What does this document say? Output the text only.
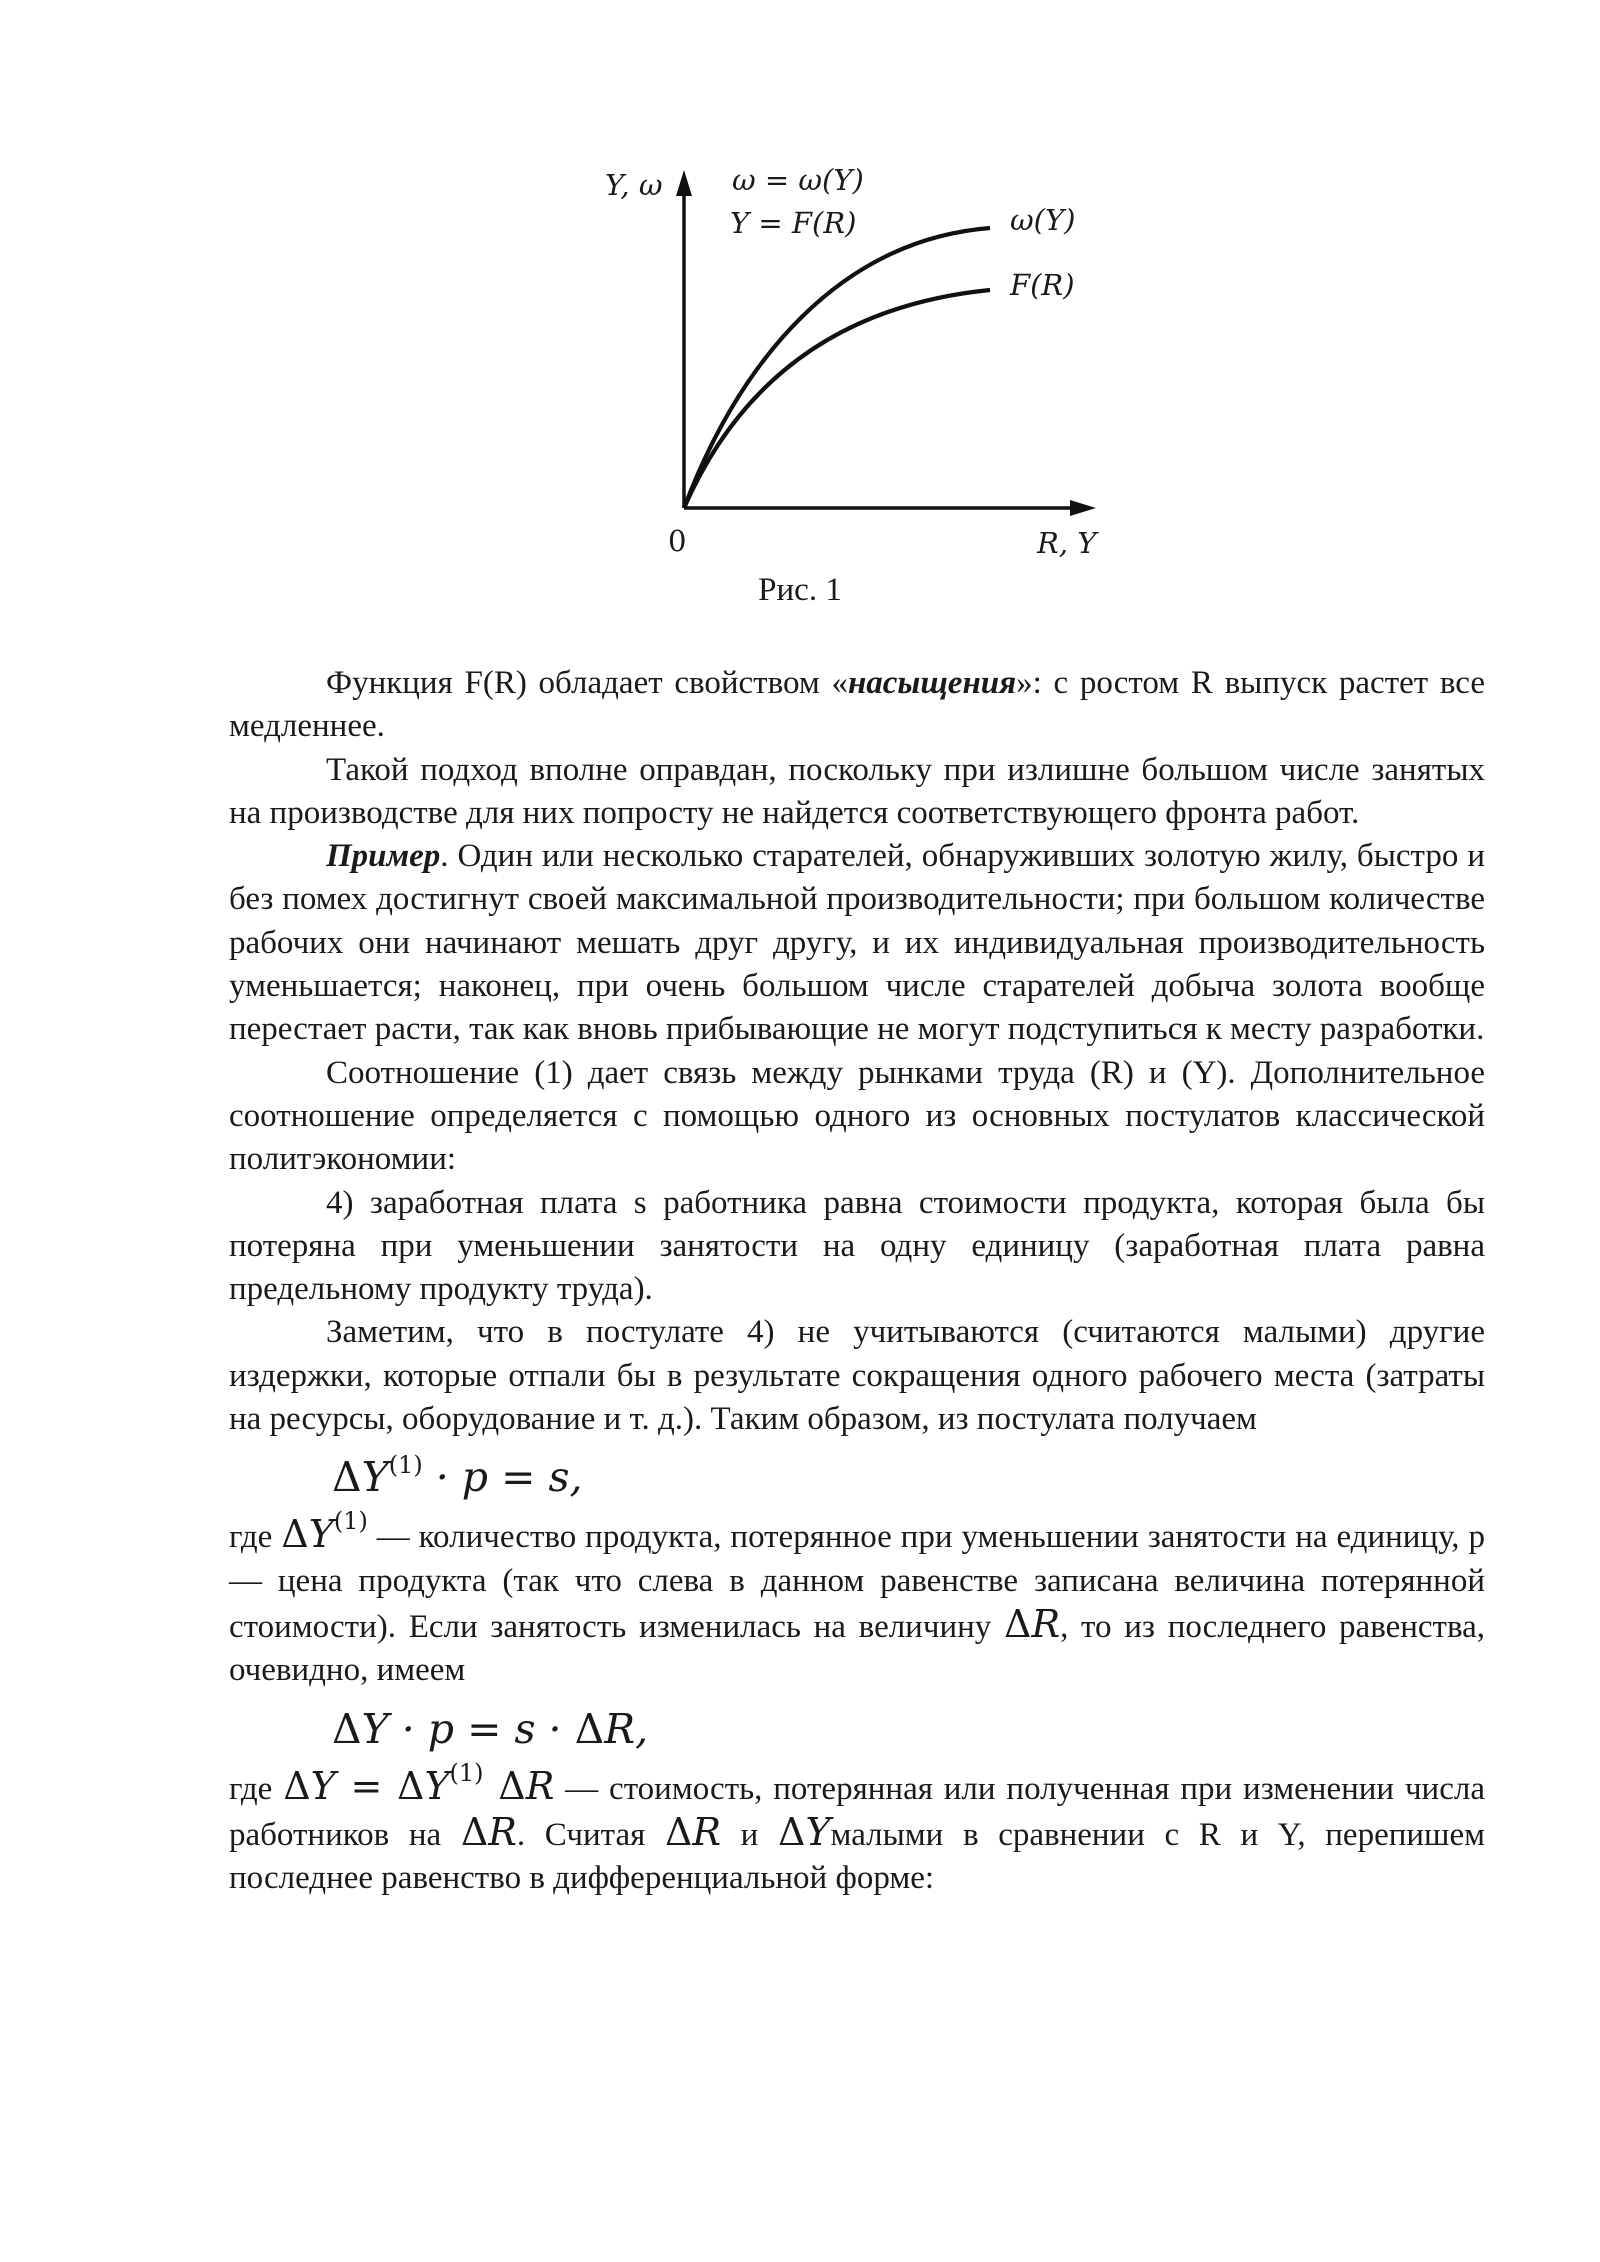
Y, ω ω = ω(Y)
Y = F(R)	ω(Y)
F(R)
0	R, Y
Рис. 1

Функция F(R) обладает свойством «насыщения»: с ростом R выпуск растет все медленнее.

Такой подход вполне оправдан, поскольку при излишне большом числе занятых на производстве для них попросту не найдется соответствующего фронта работ.

Пример. Один или несколько старателей, обнаруживших золотую жилу, быстро и без помех достигнут своей максимальной производительности; при большом количестве рабочих они начинают мешать друг другу, и их индивидуальная производительность уменьшается; наконец, при очень большом числе старателей добыча золота вообще перестает расти, так как вновь прибывающие не могут подступиться к месту разработки.

Соотношение (1) дает связь между рынками труда (R) и (Y). Дополнительное соотношение определяется с помощью одного из основных постулатов классической политэкономии:

4) заработная плата s работника равна стоимости продукта, которая была бы потеряна при уменьшении занятости на одну единицу (заработная плата равна предельному продукту труда).

Заметим, что в постулате 4) не учитываются (считаются малыми) другие издержки, которые отпали бы в результате сокращения одного рабочего места (затраты на ресурсы, оборудование и т. д.). Таким образом, из постулата получаем

$\Delta Y^{(1)} \cdot p = s$,

где ΔY$^{(1)}$ — количество продукта, потерянное при уменьшении занятости на единицу, p — цена продукта (так что слева в данном равенстве записана величина потерянной стоимости). Если занятость изменилась на величину ΔR, то из последнего равенства, очевидно, имеем

ΔY · p = s · ΔR,

где $\Delta Y = \Delta Y^{(1)}$ ΔR — стоимость, потерянная или полученная при изменении числа работников на ΔR. Считая ΔR и ΔYмалыми в сравнении с R и Y, перепишем последнее равенство в дифференциальной форме:
